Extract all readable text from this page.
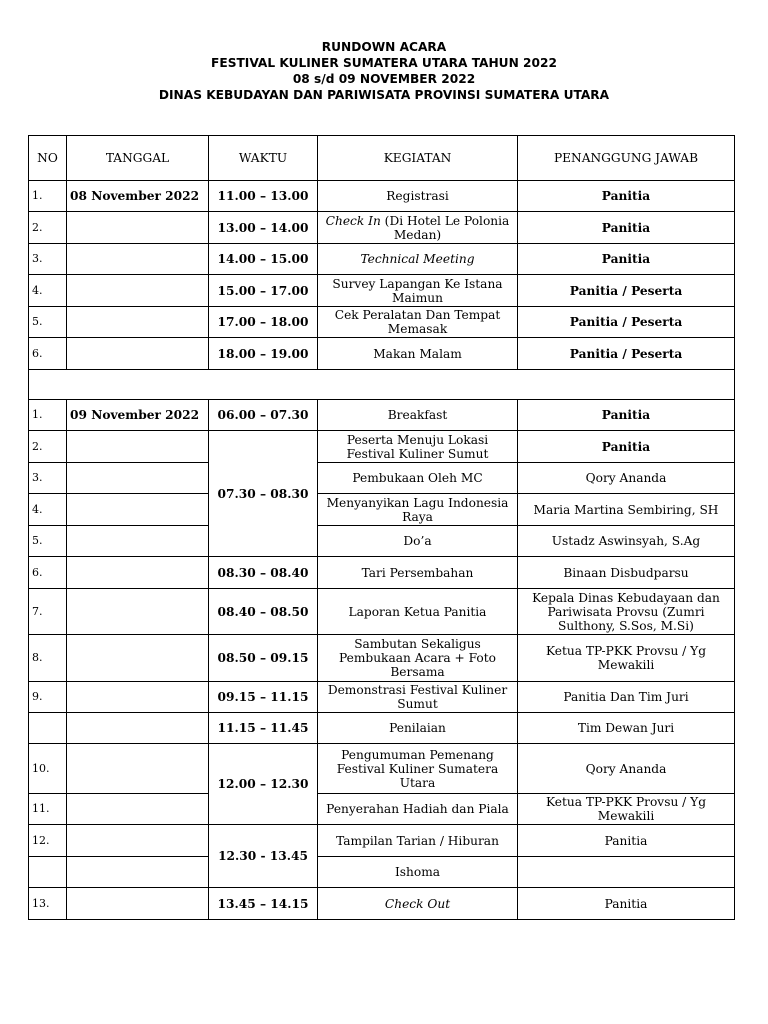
RUNDOWN ACARA
FESTIVAL KULINER SUMATERA UTARA TAHUN 2022
08 s/d 09 NOVEMBER 2022
DINAS KEBUDAYAN DAN PARIWISATA PROVINSI SUMATERA UTARA
NO	TANGGAL	WAKTU	KEGIATAN	PENANGGUNG JAWAB
1.	08 November 2022	11.00 – 13.00	Registrasi	Panitia
2.		13.00 – 14.00	Check In (Di Hotel Le Polonia Medan)	Panitia
3.		14.00 – 15.00	Technical Meeting	Panitia
4.		15.00 – 17.00	Survey Lapangan Ke Istana Maimun	Panitia / Peserta
5.		17.00 – 18.00	Cek Peralatan Dan Tempat Memasak	Panitia / Peserta
6.		18.00 – 19.00	Makan Malam	Panitia / Peserta

1.	09 November 2022	06.00 – 07.30	Breakfast	Panitia
2.		07.30 – 08.30	Peserta Menuju Lokasi Festival Kuliner Sumut	Panitia
3.			Pembukaan Oleh MC	Qory Ananda
4.			Menyanyikan Lagu Indonesia Raya	Maria Martina Sembiring, SH
5.			Do’a	Ustadz Aswinsyah, S.Ag
6.		08.30 – 08.40	Tari Persembahan	Binaan Disbudparsu
7.		08.40 – 08.50	Laporan Ketua Panitia	Kepala Dinas Kebudayaan dan Pariwisata Provsu (Zumri Sulthony, S.Sos, M.Si)
8.		08.50 – 09.15	Sambutan Sekaligus Pembukaan Acara + Foto Bersama	Ketua TP-PKK Provsu / Yg Mewakili
9.		09.15 – 11.15	Demonstrasi Festival Kuliner Sumut	Panitia Dan Tim Juri
		11.15 – 11.45	Penilaian	Tim Dewan Juri
10.		12.00 – 12.30	Pengumuman Pemenang Festival Kuliner Sumatera Utara	Qory Ananda
11.			Penyerahan Hadiah dan Piala	Ketua TP-PKK Provsu / Yg Mewakili
12.		12.30 - 13.45	Tampilan Tarian / Hiburan	Panitia
			Ishoma	
13.		13.45 – 14.15	Check Out	Panitia
